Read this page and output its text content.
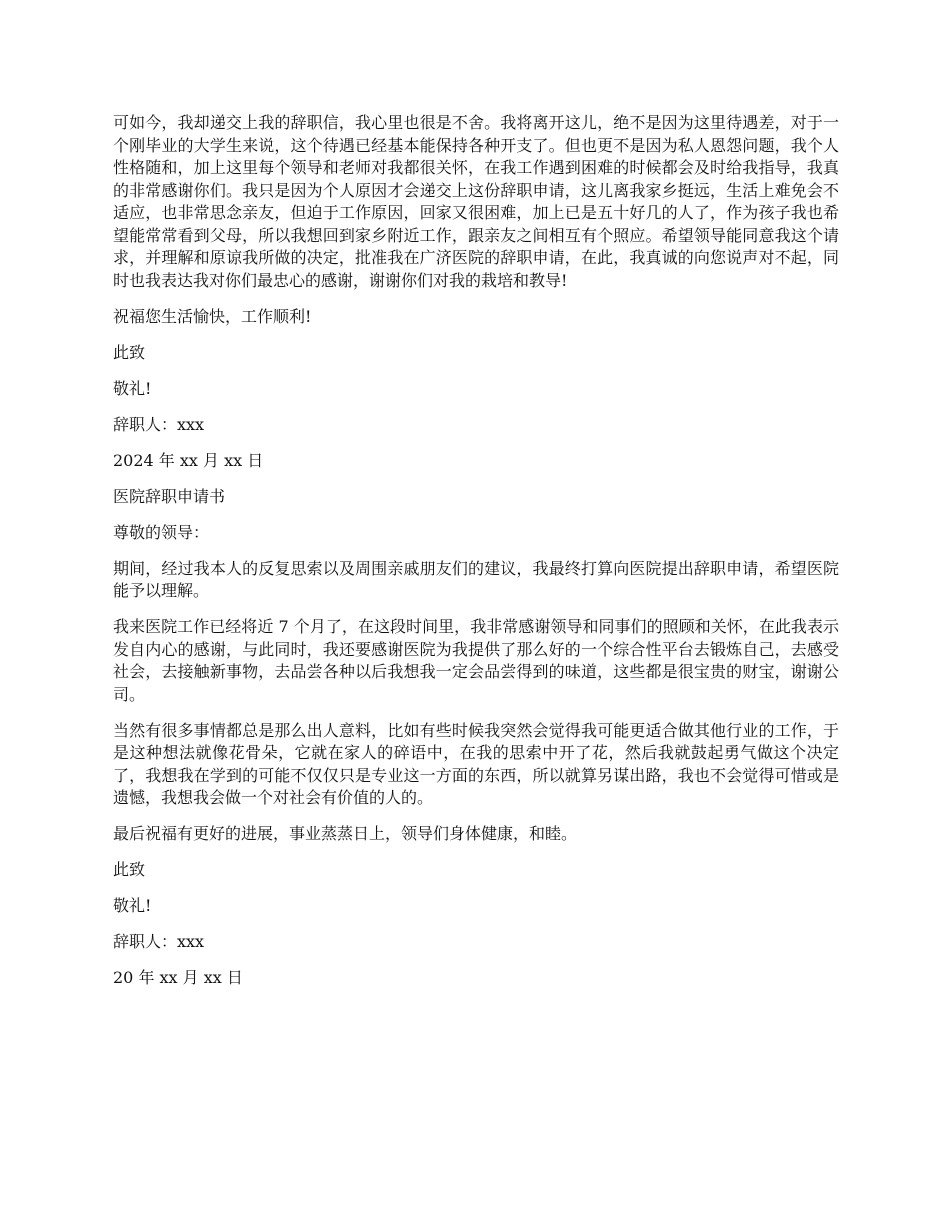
可如今，我却递交上我的辞职信，我心里也很是不舍。我将离开这儿，绝不是因为这里待遇差，对于一个刚毕业的大学生来说，这个待遇已经基本能保持各种开支了。但也更不是因为私人恩怨问题，我个人性格随和，加上这里每个领导和老师对我都很关怀，在我工作遇到困难的时候都会及时给我指导，我真的非常感谢你们。我只是因为个人原因才会递交上这份辞职申请，这儿离我家乡挺远，生活上难免会不适应，也非常思念亲友，但迫于工作原因，回家又很困难，加上已是五十好几的人了，作为孩子我也希望能常常看到父母，所以我想回到家乡附近工作，跟亲友之间相互有个照应。希望领导能同意我这个请求，并理解和原谅我所做的决定，批准我在广济医院的辞职申请，在此，我真诚的向您说声对不起，同时也我表达我对你们最忠心的感谢，谢谢你们对我的栽培和教导!

祝福您生活愉快，工作顺利!

此致

敬礼!

辞职人：xxx

2024 年 xx 月 xx 日

医院辞职申请书

尊敬的领导：

期间，经过我本人的反复思索以及周围亲戚朋友们的建议，我最终打算向医院提出辞职申请，希望医院能予以理解。

我来医院工作已经将近 7 个月了，在这段时间里，我非常感谢领导和同事们的照顾和关怀，在此我表示发自内心的感谢，与此同时，我还要感谢医院为我提供了那么好的一个综合性平台去锻炼自己，去感受社会，去接触新事物，去品尝各种以后我想我一定会品尝得到的味道，这些都是很宝贵的财宝，谢谢公司。

当然有很多事情都总是那么出人意料，比如有些时候我突然会觉得我可能更适合做其他行业的工作，于是这种想法就像花骨朵，它就在家人的碎语中，在我的思索中开了花，然后我就鼓起勇气做这个决定了，我想我在学到的可能不仅仅只是专业这一方面的东西，所以就算另谋出路，我也不会觉得可惜或是遗憾，我想我会做一个对社会有价值的人的。

最后祝福有更好的进展，事业蒸蒸日上，领导们身体健康，和睦。

此致

敬礼!

辞职人：xxx

20 年 xx 月 xx 日
